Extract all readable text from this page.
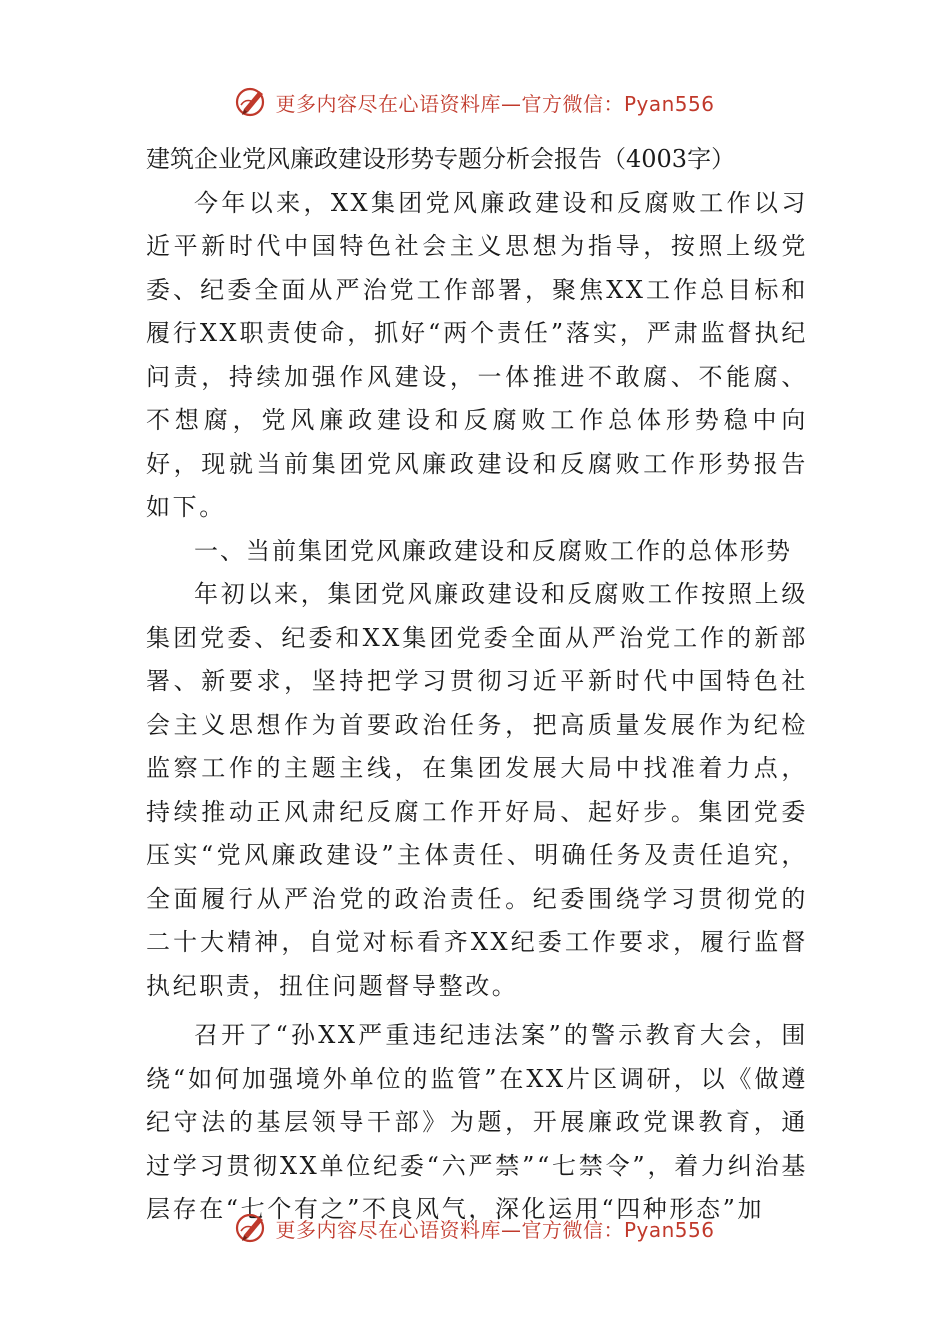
更多内容尽在心语资料库—官方微信：Pyan556

建筑企业党风廉政建设形势专题分析会报告（4003字）

今年以来，XX集团党风廉政建设和反腐败工作以习近平新时代中国特色社会主义思想为指导，按照上级党委、纪委全面从严治党工作部署，聚焦XX工作总目标和履行XX职责使命，抓好“两个责任”落实，严肃监督执纪问责，持续加强作风建设，一体推进不敢腐、不能腐、不想腐，党风廉政建设和反腐败工作总体形势稳中向好，现就当前集团党风廉政建设和反腐败工作形势报告如下。

一、当前集团党风廉政建设和反腐败工作的总体形势

年初以来，集团党风廉政建设和反腐败工作按照上级集团党委、纪委和XX集团党委全面从严治党工作的新部署、新要求，坚持把学习贯彻习近平新时代中国特色社会主义思想作为首要政治任务，把高质量发展作为纪检监察工作的主题主线，在集团发展大局中找准着力点，持续推动正风肃纪反腐工作开好局、起好步。集团党委压实“党风廉政建设”主体责任、明确任务及责任追究，全面履行从严治党的政治责任。纪委围绕学习贯彻党的二十大精神，自觉对标看齐XX纪委工作要求，履行监督执纪职责，扭住问题督导整改。

召开了“孙XX严重违纪违法案”的警示教育大会，围绕“如何加强境外单位的监管”在XX片区调研，以《做遵纪守法的基层领导干部》为题，开展廉政党课教育，通过学习贯彻XX单位纪委“六严禁”“七禁令”，着力纠治基层存在“七个有之”不良风气，深化运用“四种形态”加

更多内容尽在心语资料库—官方微信：Pyan556
